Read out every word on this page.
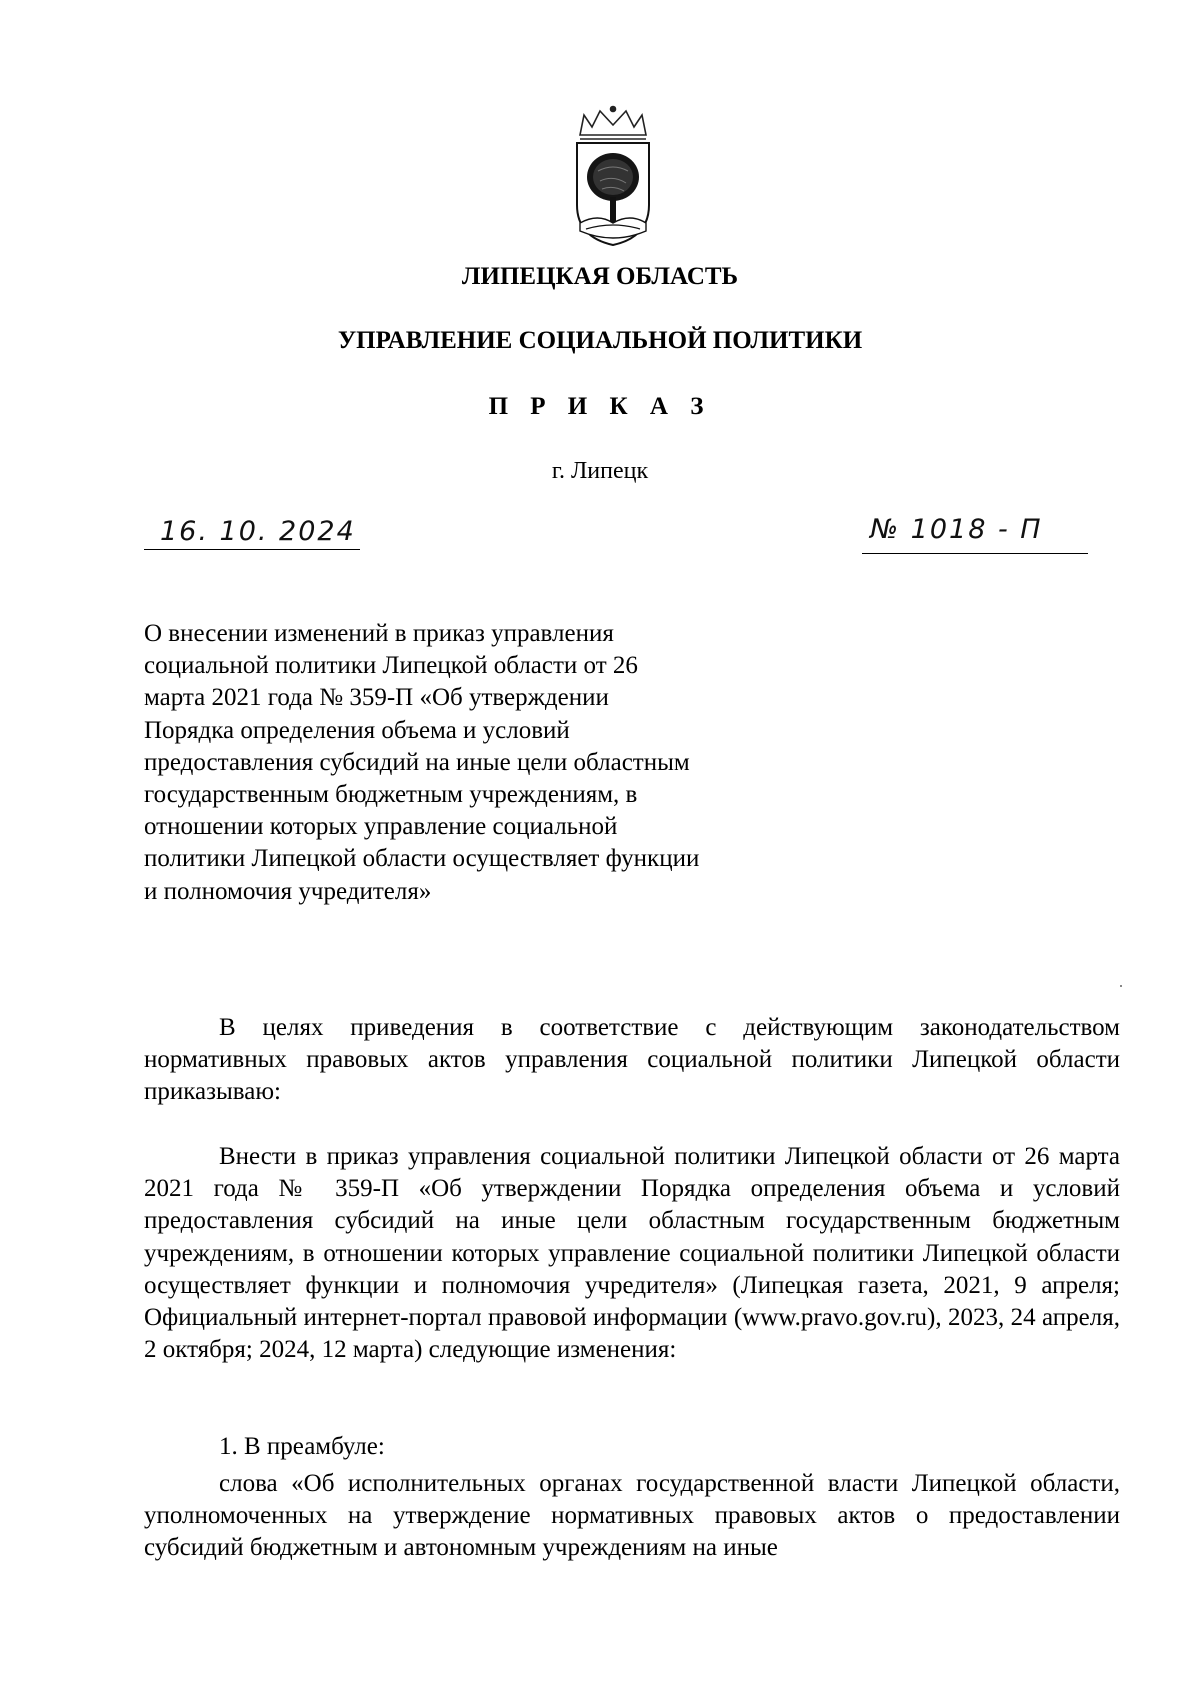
ЛИПЕЦКАЯ ОБЛАСТЬ
УПРАВЛЕНИЕ СОЦИАЛЬНОЙ ПОЛИТИКИ
П Р И К А З
г. Липецк
16. 10. 2024	№ 1018 - П

О внесении изменений в приказ управления социальной политики Липецкой области от 26 марта 2021 года № 359-П «Об утверждении Порядка определения объема и условий предоставления субсидий на иные цели областным государственным бюджетным учреждениям, в отношении которых управление социальной политики Липецкой области осуществляет функции и полномочия учредителя»

В целях приведения в соответствие с действующим законодательством нормативных правовых актов управления социальной политики Липецкой области приказываю:

Внести в приказ управления социальной политики Липецкой области от 26 марта 2021 года № 359-П «Об утверждении Порядка определения объема и условий предоставления субсидий на иные цели областным государственным бюджетным учреждениям, в отношении которых управление социальной политики Липецкой области осуществляет функции и полномочия учредителя» (Липецкая газета, 2021, 9 апреля; Официальный интернет-портал правовой информации (www.pravo.gov.ru), 2023, 24 апреля, 2 октября; 2024, 12 марта) следующие изменения:

1. В преамбуле:

слова «Об исполнительных органах государственной власти Липецкой области, уполномоченных на утверждение нормативных правовых актов о предоставлении субсидий бюджетным и автономным учреждениям на иные
